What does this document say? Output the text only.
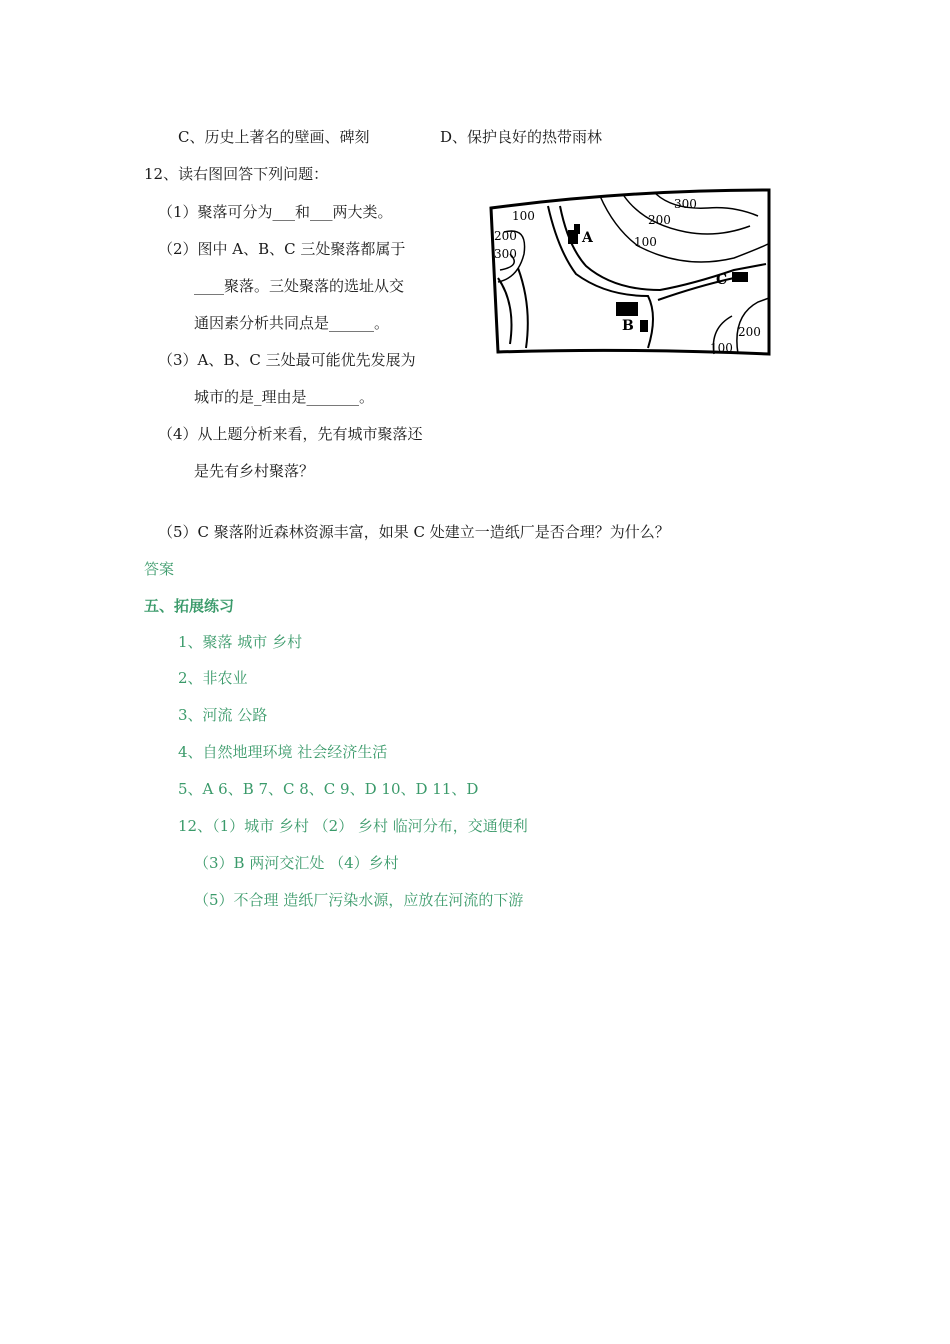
C、历史上著名的壁画、碑刻	D、保护良好的热带雨林
12、读右图回答下列问题：
（1）聚落可分为___和___两大类。
（2）图中 A、B、C 三处聚落都属于
____聚落。三处聚落的选址从交
通因素分析共同点是______。
（3）A、B、C 三处最可能优先发展为
城市的是_理由是_______。
（4）从上题分析来看，先有城市聚落还
是先有乡村聚落？
100
200
300
300
200
100
200
100
A
B
C
（5）C 聚落附近森林资源丰富，如果 C 处建立一造纸厂是否合理？为什么？
答案
五、拓展练习
1、聚落 城市 乡村
2、非农业
3、河流 公路
4、自然地理环境 社会经济生活
5、A 6、B 7、C 8、C 9、D 10、D 11、D
12、（1）城市 乡村 （2） 乡村 临河分布，交通便利
（3）B 两河交汇处 （4）乡村
（5）不合理 造纸厂污染水源，应放在河流的下游
